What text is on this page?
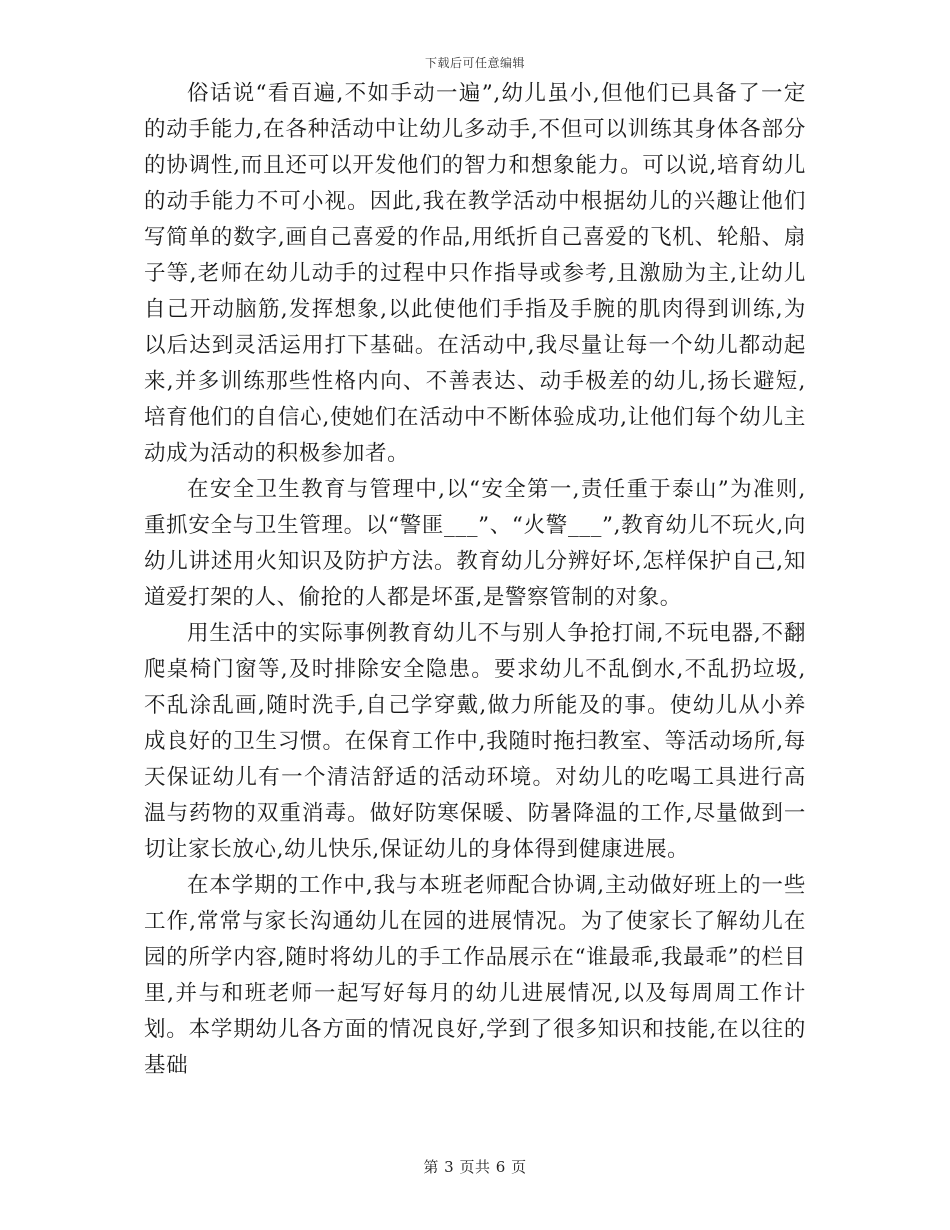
下载后可任意编辑

俗话说“看百遍,不如手动一遍”,幼儿虽小,但他们已具备了一定的动手能力,在各种活动中让幼儿多动手,不但可以训练其身体各部分的协调性,而且还可以开发他们的智力和想象能力。可以说,培育幼儿的动手能力不可小视。因此,我在教学活动中根据幼儿的兴趣让他们写简单的数字,画自己喜爱的作品,用纸折自己喜爱的飞机、轮船、扇子等,老师在幼儿动手的过程中只作指导或参考,且激励为主,让幼儿自己开动脑筋,发挥想象,以此使他们手指及手腕的肌肉得到训练,为以后达到灵活运用打下基础。在活动中,我尽量让每一个幼儿都动起来,并多训练那些性格内向、不善表达、动手极差的幼儿,扬长避短,培育他们的自信心,使她们在活动中不断体验成功,让他们每个幼儿主动成为活动的积极参加者。

在安全卫生教育与管理中,以“安全第一,责任重于泰山”为准则,重抓安全与卫生管理。以“警匪___”、“火警___”,教育幼儿不玩火,向幼儿讲述用火知识及防护方法。教育幼儿分辨好坏,怎样保护自己,知道爱打架的人、偷抢的人都是坏蛋,是警察管制的对象。

用生活中的实际事例教育幼儿不与别人争抢打闹,不玩电器,不翻爬桌椅门窗等,及时排除安全隐患。要求幼儿不乱倒水,不乱扔垃圾,不乱涂乱画,随时洗手,自己学穿戴,做力所能及的事。使幼儿从小养成良好的卫生习惯。在保育工作中,我随时拖扫教室、等活动场所,每天保证幼儿有一个清洁舒适的活动环境。对幼儿的吃喝工具进行高温与药物的双重消毒。做好防寒保暖、防暑降温的工作,尽量做到一切让家长放心,幼儿快乐,保证幼儿的身体得到健康进展。

在本学期的工作中,我与本班老师配合协调,主动做好班上的一些工作,常常与家长沟通幼儿在园的进展情况。为了使家长了解幼儿在园的所学内容,随时将幼儿的手工作品展示在“谁最乖,我最乖”的栏目里,并与和班老师一起写好每月的幼儿进展情况,以及每周周工作计划。本学期幼儿各方面的情况良好,学到了很多知识和技能,在以往的基础

第 3 页共 6 页
